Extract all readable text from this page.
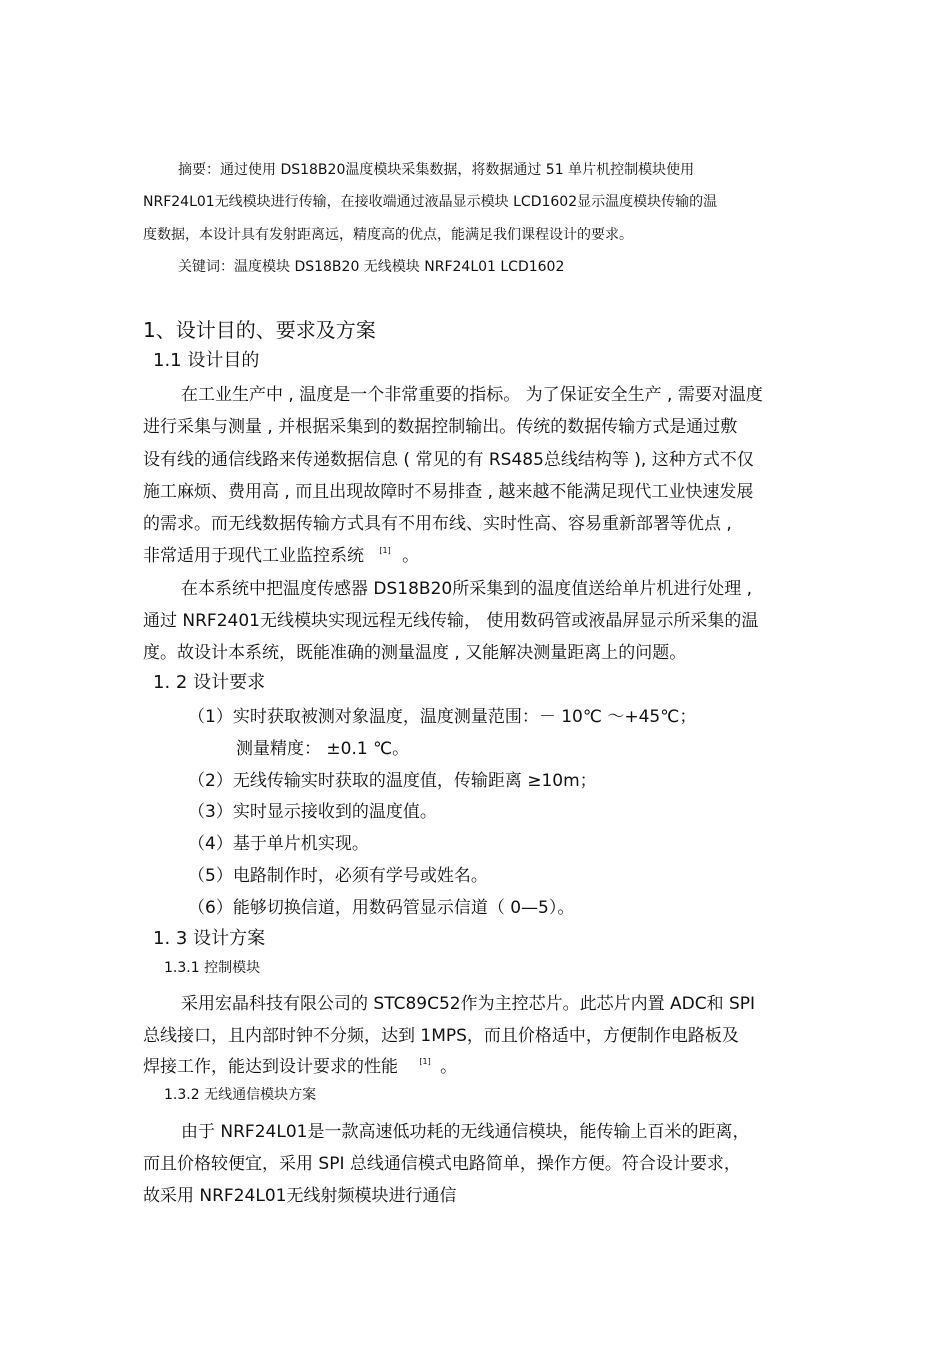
摘要：通过使用 DS18B20温度模块采集数据，将数据通过 51 单片机控制模块使用
NRF24L01无线模块进行传输，在接收端通过液晶显示模块 LCD1602显示温度模块传输的温
度数据，本设计具有发射距离远，精度高的优点，能满足我们课程设计的要求。
关键词：温度模块 DS18B20 无线模块 NRF24L01 LCD1602
1、设计目的、要求及方案
1.1 设计目的
在工业生产中 , 温度是一个非常重要的指标。 为了保证安全生产 , 需要对温度
进行采集与测量 , 并根据采集到的数据控制输出。传统的数据传输方式是通过敷
设有线的通信线路来传递数据信息 ( 常见的有 RS485总线结构等 ), 这种方式不仅
施工麻烦、费用高 , 而且出现故障时不易排查 , 越来越不能满足现代工业快速发展
的需求。而无线数据传输方式具有不用布线、实时性高、容易重新部署等优点 ,
非常适用于现代工业监控系统 [1] 。
在本系统中把温度传感器 DS18B20所采集到的温度值送给单片机进行处理 ,
通过 NRF2401无线模块实现远程无线传输， 使用数码管或液晶屏显示所采集的温
度。故设计本系统，既能准确的测量温度 , 又能解决测量距离上的问题。
1. 2 设计要求
（1）实时获取被测对象温度，温度测量范围：－ 10℃ ～+45℃；
测量精度： ±0.1 ℃。
（2）无线传输实时获取的温度值，传输距离 ≥10m；
（3）实时显示接收到的温度值。
（4）基于单片机实现。
（5）电路制作时，必须有学号或姓名。
（6）能够切换信道，用数码管显示信道（ 0—5）。
1. 3 设计方案
1.3.1 控制模块
采用宏晶科技有限公司的 STC89C52作为主控芯片。此芯片内置 ADC和 SPI
总线接口，且内部时钟不分频，达到 1MPS，而且价格适中，方便制作电路板及
焊接工作，能达到设计要求的性能	[1] 。
1.3.2 无线通信模块方案
由于 NRF24L01是一款高速低功耗的无线通信模块，能传输上百米的距离，
而且价格较便宜，采用 SPI 总线通信模式电路简单，操作方便。符合设计要求，
故采用 NRF24L01无线射频模块进行通信
